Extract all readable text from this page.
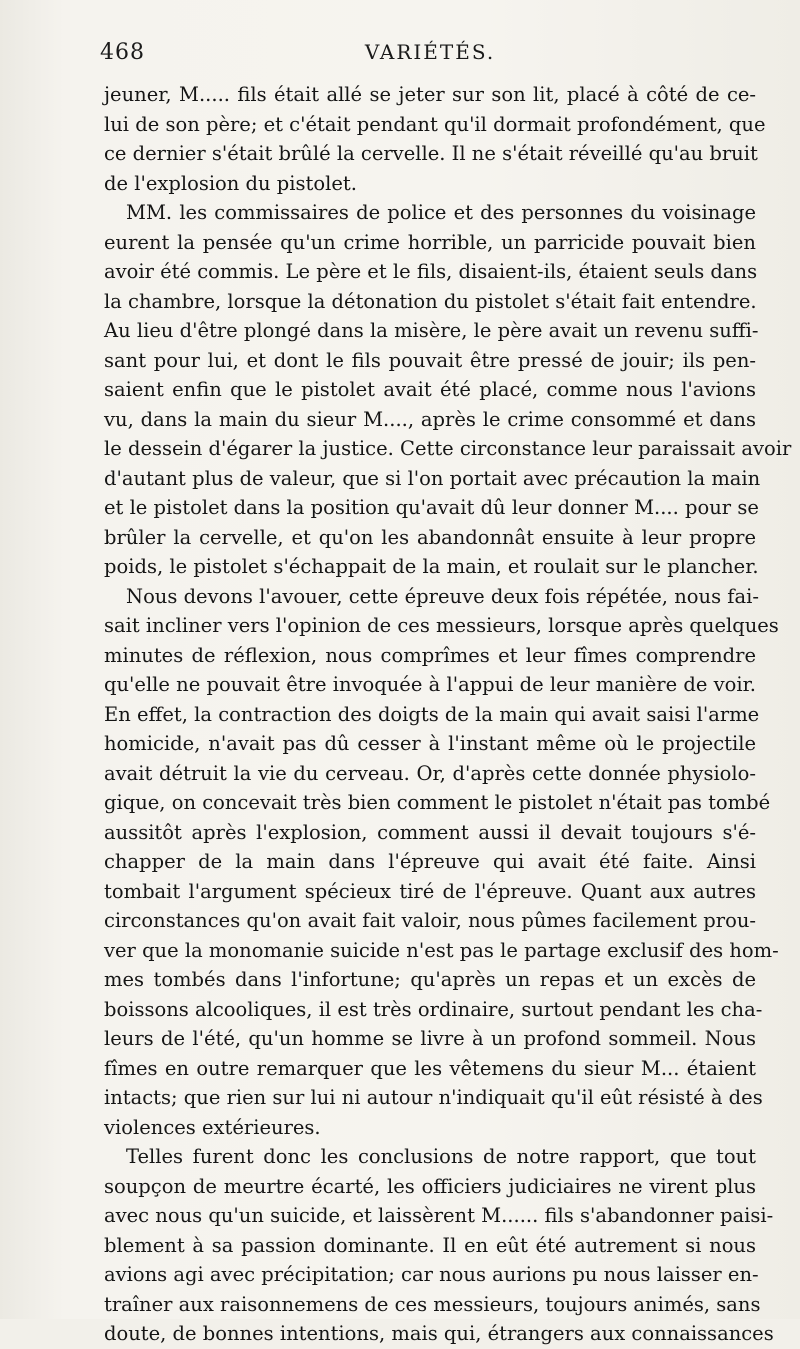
468	VARIÉTÉS.
jeuner, M..... fils était allé se jeter sur son lit, placé à côté de ce-
lui de son père; et c'était pendant qu'il dormait profondément, que
ce dernier s'était brûlé la cervelle. Il ne s'était réveillé qu'au bruit
de l'explosion du pistolet.
MM. les commissaires de police et des personnes du voisinage
eurent la pensée qu'un crime horrible, un parricide pouvait bien
avoir été commis. Le père et le fils, disaient-ils, étaient seuls dans
la chambre, lorsque la détonation du pistolet s'était fait entendre.
Au lieu d'être plongé dans la misère, le père avait un revenu suffi-
sant pour lui, et dont le fils pouvait être pressé de jouir; ils pen-
saient enfin que le pistolet avait été placé, comme nous l'avions
vu, dans la main du sieur M...., après le crime consommé et dans
le dessein d'égarer la justice. Cette circonstance leur paraissait avoir
d'autant plus de valeur, que si l'on portait avec précaution la main
et le pistolet dans la position qu'avait dû leur donner M.... pour se
brûler la cervelle, et qu'on les abandonnât ensuite à leur propre
poids, le pistolet s'échappait de la main, et roulait sur le plancher.
Nous devons l'avouer, cette épreuve deux fois répétée, nous fai-
sait incliner vers l'opinion de ces messieurs, lorsque après quelques
minutes de réflexion, nous comprîmes et leur fîmes comprendre
qu'elle ne pouvait être invoquée à l'appui de leur manière de voir.
En effet, la contraction des doigts de la main qui avait saisi l'arme
homicide, n'avait pas dû cesser à l'instant même où le projectile
avait détruit la vie du cerveau. Or, d'après cette donnée physiolo-
gique, on concevait très bien comment le pistolet n'était pas tombé
aussitôt après l'explosion, comment aussi il devait toujours s'é-
chapper de la main dans l'épreuve qui avait été faite. Ainsi
tombait l'argument spécieux tiré de l'épreuve. Quant aux autres
circonstances qu'on avait fait valoir, nous pûmes facilement prou-
ver que la monomanie suicide n'est pas le partage exclusif des hom-
mes tombés dans l'infortune; qu'après un repas et un excès de
boissons alcooliques, il est très ordinaire, surtout pendant les cha-
leurs de l'été, qu'un homme se livre à un profond sommeil. Nous
fîmes en outre remarquer que les vêtemens du sieur M... étaient
intacts; que rien sur lui ni autour n'indiquait qu'il eût résisté à des
violences extérieures.
Telles furent donc les conclusions de notre rapport, que tout
soupçon de meurtre écarté, les officiers judiciaires ne virent plus
avec nous qu'un suicide, et laissèrent M...... fils s'abandonner paisi-
blement à sa passion dominante. Il en eût été autrement si nous
avions agi avec précipitation; car nous aurions pu nous laisser en-
traîner aux raisonnemens de ces messieurs, toujours animés, sans
doute, de bonnes intentions, mais qui, étrangers aux connaissances
